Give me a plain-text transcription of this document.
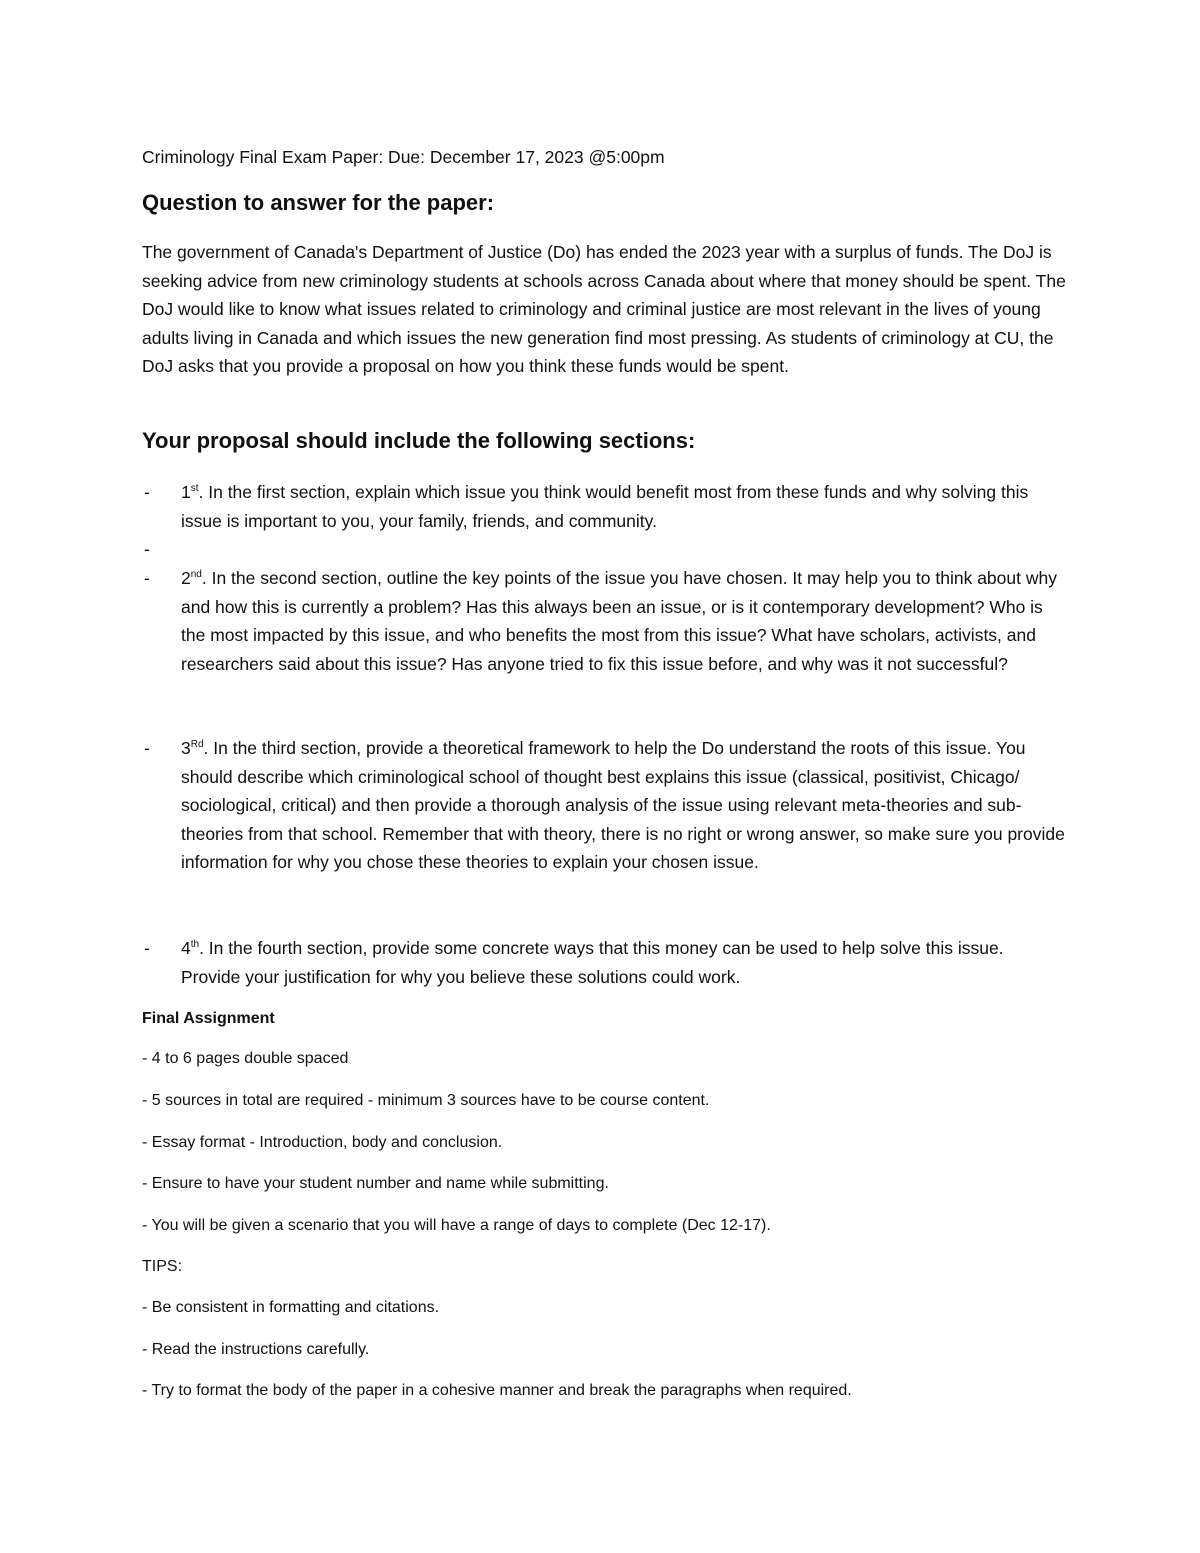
Criminology Final Exam Paper: Due: December 17, 2023 @5:00pm
Question to answer for the paper:

The government of Canada's Department of Justice (Do) has ended the 2023 year with a surplus of funds. The DoJ is seeking advice from new criminology students at schools across Canada about where that money should be spent. The DoJ would like to know what issues related to criminology and criminal justice are most relevant in the lives of young adults living in Canada and which issues the new generation find most pressing. As students of criminology at CU, the DoJ asks that you provide a proposal on how you think these funds would be spent.

Your proposal should include the following sections:
- 1st. In the first section, explain which issue you think would benefit most from these funds and why solving this issue is important to you, your family, friends, and community.
-
- 2nd. In the second section, outline the key points of the issue you have chosen. It may help you to think about why and how this is currently a problem? Has this always been an issue, or is it contemporary development? Who is the most impacted by this issue, and who benefits the most from this issue? What have scholars, activists, and researchers said about this issue? Has anyone tried to fix this issue before, and why was it not successful?
- 3Rd. In the third section, provide a theoretical framework to help the Do understand the roots of this issue. You should describe which criminological school of thought best explains this issue (classical, positivist, Chicago/ sociological, critical) and then provide a thorough analysis of the issue using relevant meta-theories and sub-theories from that school. Remember that with theory, there is no right or wrong answer, so make sure you provide information for why you chose these theories to explain your chosen issue.
- 4th. In the fourth section, provide some concrete ways that this money can be used to help solve this issue. Provide your justification for why you believe these solutions could work.
Final Assignment
- 4 to 6 pages double spaced
- 5 sources in total are required - minimum 3 sources have to be course content.
- Essay format - Introduction, body and conclusion.
- Ensure to have your student number and name while submitting.
- You will be given a scenario that you will have a range of days to complete (Dec 12-17).
TIPS:
- Be consistent in formatting and citations.
- Read the instructions carefully.
- Try to format the body of the paper in a cohesive manner and break the paragraphs when required.
